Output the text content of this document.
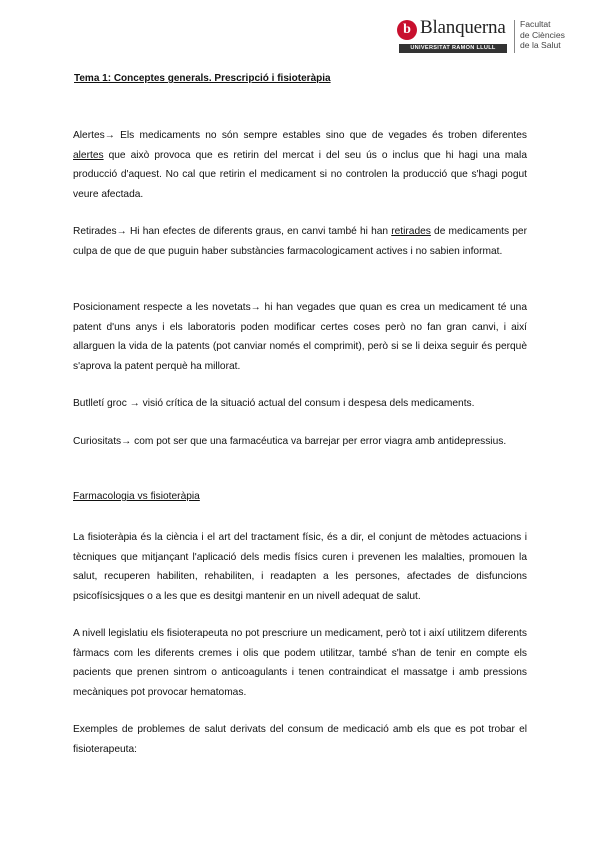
b Blanquerna
UNIVERSITAT RAMON LLULL
Facultat
de Ciències
de la Salut
Tema 1: Conceptes generals. Prescripció i fisioteràpia

Alertes→ Els medicaments no són sempre estables sino que de vegades és troben diferentes alertes que això provoca que es retirin del mercat i del seu ús o inclus que hi hagi una mala producció d'aquest. No cal que retirin el medicament si no controlen la producció que s'hagi pogut veure afectada.

Retirades→ Hi han efectes de diferents graus, en canvi també hi han retirades de medicaments per culpa de que de que puguin haber substàncies farmacologicament actives i no sabien informat.

Posicionament respecte a les novetats→ hi han vegades que quan es crea un medicament té una patent d'uns anys i els laboratoris poden modificar certes coses però no fan gran canvi, i així allarguen la vida de la patents (pot canviar només el comprimit), però si se li deixa seguir és perquè s'aprova la patent perquè ha millorat.

Butlletí groc → visió crítica de la situació actual del consum i despesa dels medicaments.

Curiositats→ com pot ser que una farmacéutica va barrejar per error viagra amb antidepressius.

Farmacologia vs fisioteràpia

La fisioteràpia és la ciència i el art del tractament físic, és a dir, el conjunt de mètodes actuacions i tècniques que mitjançant l'aplicació dels medis físics curen i prevenen les malalties, promouen la salut, recuperen habiliten, rehabiliten, i readapten a les persones, afectades de disfuncions psicofísicsjques o a les que es desitgi mantenir en un nivell adequat de salut.

A nivell legislatiu els fisioterapeuta no pot prescriure un medicament, però tot i així utilitzem diferents fàrmacs com les diferents cremes i olis que podem utilitzar, també s'han de tenir en compte els pacients que prenen sintrom o anticoagulants i tenen contraindicat el massatge i amb pressions mecàniques pot provocar hematomas.

Exemples de problemes de salut derivats del consum de medicació amb els que es pot trobar el fisioterapeuta:
